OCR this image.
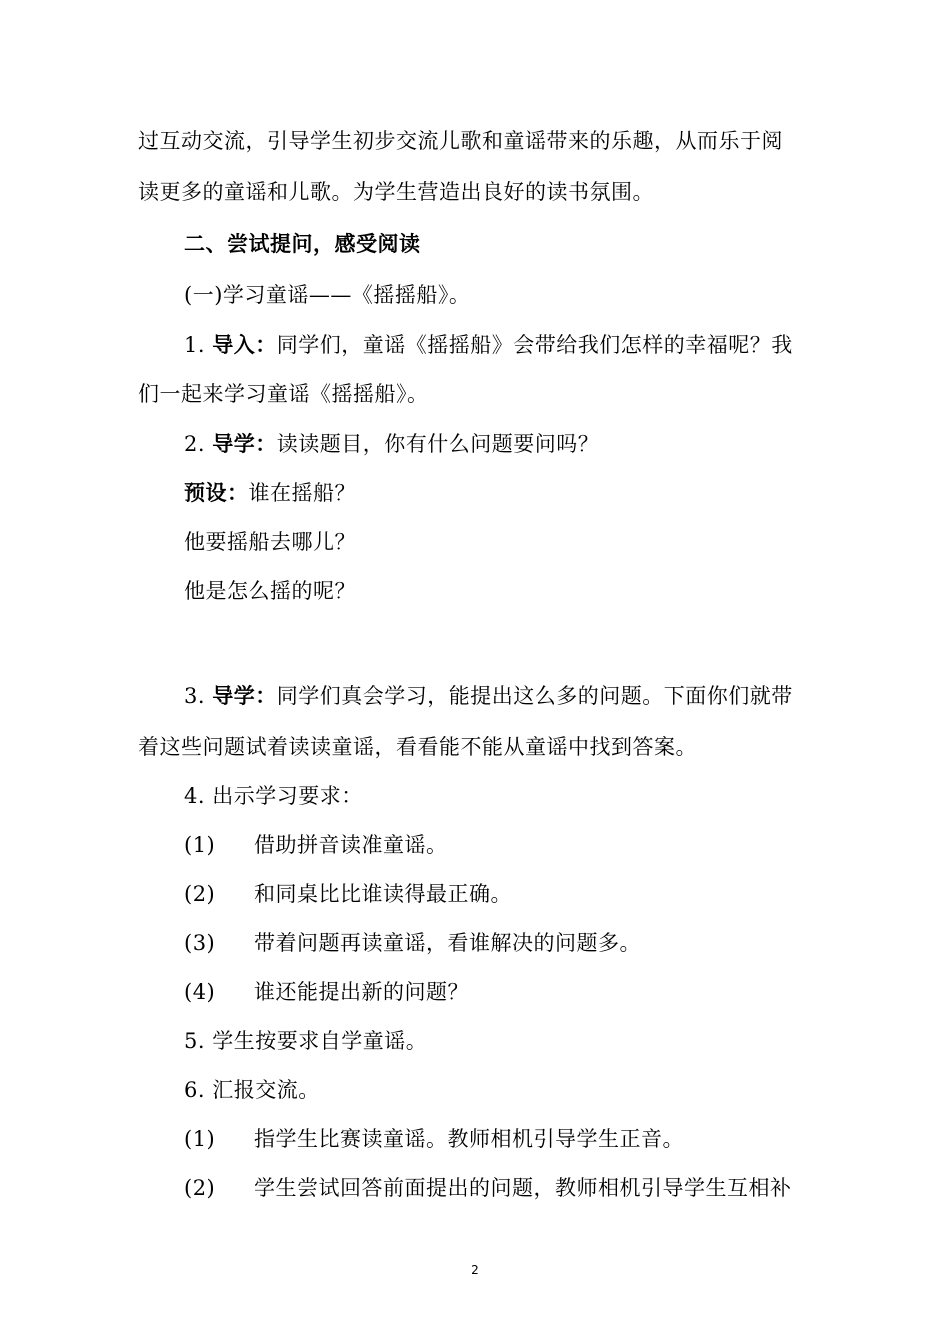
过互动交流，引导学生初步交流儿歌和童谣带来的乐趣，从而乐于阅
读更多的童谣和儿歌。为学生营造出良好的读书氛围。
二、尝试提问，感受阅读
(一)学习童谣——《摇摇船》。
1. 导入：同学们，童谣《摇摇船》会带给我们怎样的幸福呢？我
们一起来学习童谣《摇摇船》。
2. 导学：读读题目，你有什么问题要问吗？
预设：谁在摇船？
他要摇船去哪儿？
他是怎么摇的呢？
3. 导学：同学们真会学习，能提出这么多的问题。下面你们就带
着这些问题试着读读童谣，看看能不能从童谣中找到答案。
4. 出示学习要求：
(1) 借助拼音读准童谣。
(2) 和同桌比比谁读得最正确。
(3) 带着问题再读童谣，看谁解决的问题多。
(4) 谁还能提出新的问题？
5. 学生按要求自学童谣。
6. 汇报交流。
(1) 指学生比赛读童谣。教师相机引导学生正音。
(2) 学生尝试回答前面提出的问题，教师相机引导学生互相补
2
